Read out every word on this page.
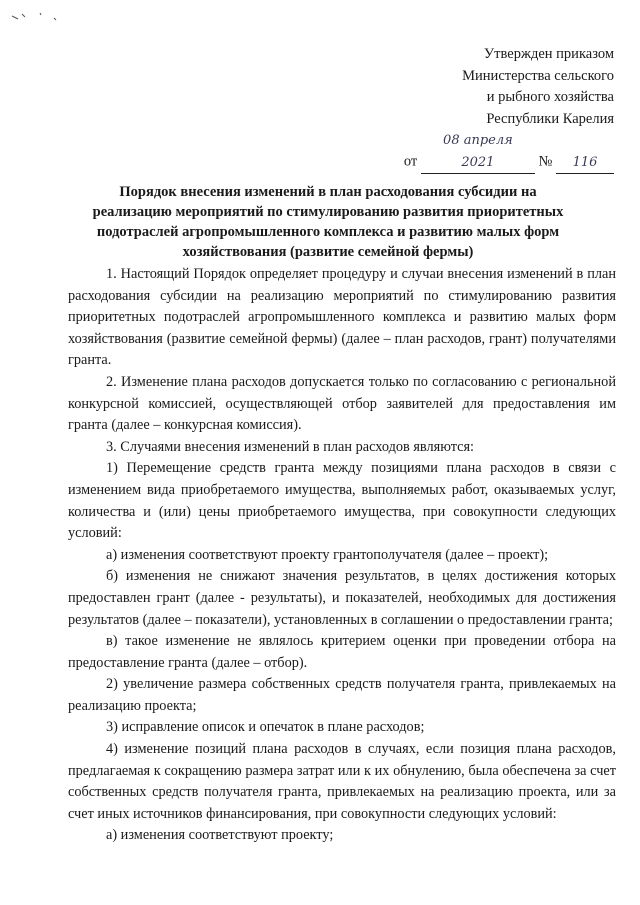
Утвержден приказом
Министерства сельского
и рыбного хозяйства
Республики Карелия
от 08 апреля 2021	№ 116
Порядок внесения изменений в план расходования субсидии на реализацию мероприятий по стимулированию развития приоритетных подотраслей агропромышленного комплекса и развитию малых форм хозяйствования (развитие семейной фермы)

1. Настоящий Порядок определяет процедуру и случаи внесения изменений в план расходования субсидии на реализацию мероприятий по стимулированию развития приоритетных подотраслей агропромышленного комплекса и развитию малых форм хозяйствования (развитие семейной фермы) (далее – план расходов, грант) получателями гранта.

2. Изменение плана расходов допускается только по согласованию с региональной конкурсной комиссией, осуществляющей отбор заявителей для предоставления им гранта (далее – конкурсная комиссия).

3. Случаями внесения изменений в план расходов являются:

1) Перемещение средств гранта между позициями плана расходов в связи с изменением вида приобретаемого имущества, выполняемых работ, оказываемых услуг, количества и (или) цены приобретаемого имущества, при совокупности следующих условий:

а) изменения соответствуют проекту грантополучателя (далее – проект);

б) изменения не снижают значения результатов, в целях достижения которых предоставлен грант (далее - результаты), и показателей, необходимых для достижения результатов (далее – показатели), установленных в соглашении о предоставлении гранта;

в) такое изменение не являлось критерием оценки при проведении отбора на предоставление гранта (далее – отбор).

2) увеличение размера собственных средств получателя гранта, привлекаемых на реализацию проекта;

3) исправление описок и опечаток в плане расходов;

4) изменение позиций плана расходов в случаях, если позиция плана расходов, предлагаемая к сокращению размера затрат или к их обнулению, была обеспечена за счет собственных средств получателя гранта, привлекаемых на реализацию проекта, или за счет иных источников финансирования, при совокупности следующих условий:

а) изменения соответствуют проекту;
